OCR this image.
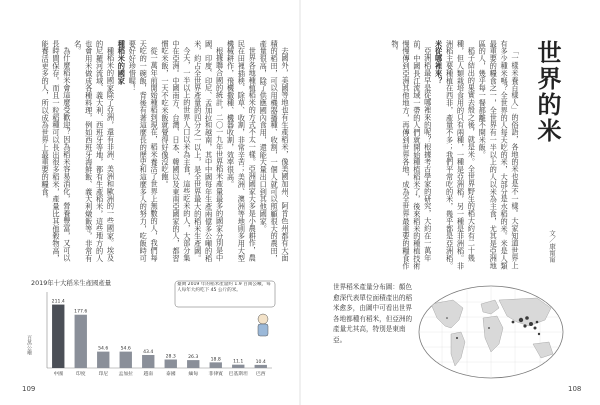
世界的米
文／康甯甯

「一樣米養百樣人」的俗語，各地的米也是不一樣。大家知道世界上有多少種米嗎？全世界的人每天吃的米，大部分是水稻的米。米是人類最重要的糧食之一，全世界有一半以上的人以米為主食，尤其是亞洲地區的人，幾乎每一餐都離不開米飯。

稻子結出的果實去殼之後，就是米。全世界野生的稻大約有二十幾種，但人類栽培食用的只有兩種，一種是亞洲稻，另一種是非洲稻。非洲稻主要種植在西非，產量不多；我們平常吃的米，幾乎都是亞洲稻。

米從哪裡來？

亞洲稻最早是從哪裡來的呢？根據考古學家的研究，大約在一萬年前，中國長江流域一帶的人們就開始種植稻米了，後來稻米的種植技術慢慢傳到亞洲其他地方，再傳到世界各地，成為全世界最重要的糧食作物。

世界稻米產量分布圖：顏色愈深代表單位面積產出的稻米愈多，由圖中可看出世界各地都種有稻米，但亞洲的產量尤其高，特別是東南亞。
108

去國外，美國等地也有生產稻米，像美國加州、阿肯色州都有大面積的稻田，可以用機器播種、收割，一個人就可以照顧很大的農田，產量很高，除了供應國內食用，還能大量出口到其他國家。

世界各地種植稻米的方式不太一樣。亞洲國家大多是小農耕作，農民在田裡插秧、除草、收割，非常辛苦；美洲、澳洲等地則多用大型機械耕作，飛機撒種、機器收割，效率很高。

根據聯合國的統計，二〇一九年世界稻米產量最多的國家分別是中國、印度、印尼、孟加拉和越南，其中中國每年生產兩億多公噸的稻米，約占全世界產量的四分之一以上，是全世界最大的稻米生產國。

今天，一半以上的世界人口以米為主食，這些吃米的人，大部分集中在亞洲。中國南方、台灣、日本、韓國以及東南亞國家的人，都習慣吃米飯，一天不吃米飯就覺得好像沒吃飽。

從一萬年前開始種稻到現在，稻米養活了世界上無數的人，我們每天吃的一碗飯，背後有著這麼長的歷史和這麼多人的努力，吃飯時可要好好珍惜喔！

種稻米的國家

種稻米的國家除了亞洲，還有非洲、美洲和歐洲的一些國家。埃及的尼羅河流域、義大利、西班牙等地，都有生產稻米，這些地方的人也會用米做成各種料理，例如西班牙海鮮飯、義大利燉飯等，非常有名。

為什麼稻米會這麼受歡迎？因為稻米容易消化，營養豐富，又可以長時間保存。而且一粒稻種可以長出很多稻米，產量比其他穀物高，能養活更多的人，所以成為世界上最重要的糧食。

2019年十大稻米生產國產量
百萬公噸
211.4
中國
177.6
印度
54.6
印尼
54.6
孟加拉
43.4
越南
28.3
泰國
26.3
緬甸
18.8
菲律賓
11.1
巴基斯坦
10.4
巴西
臺灣 2019 年的稻米產量約 1.9 百萬公噸，每人每年大約吃下 45 公斤的米。
109
